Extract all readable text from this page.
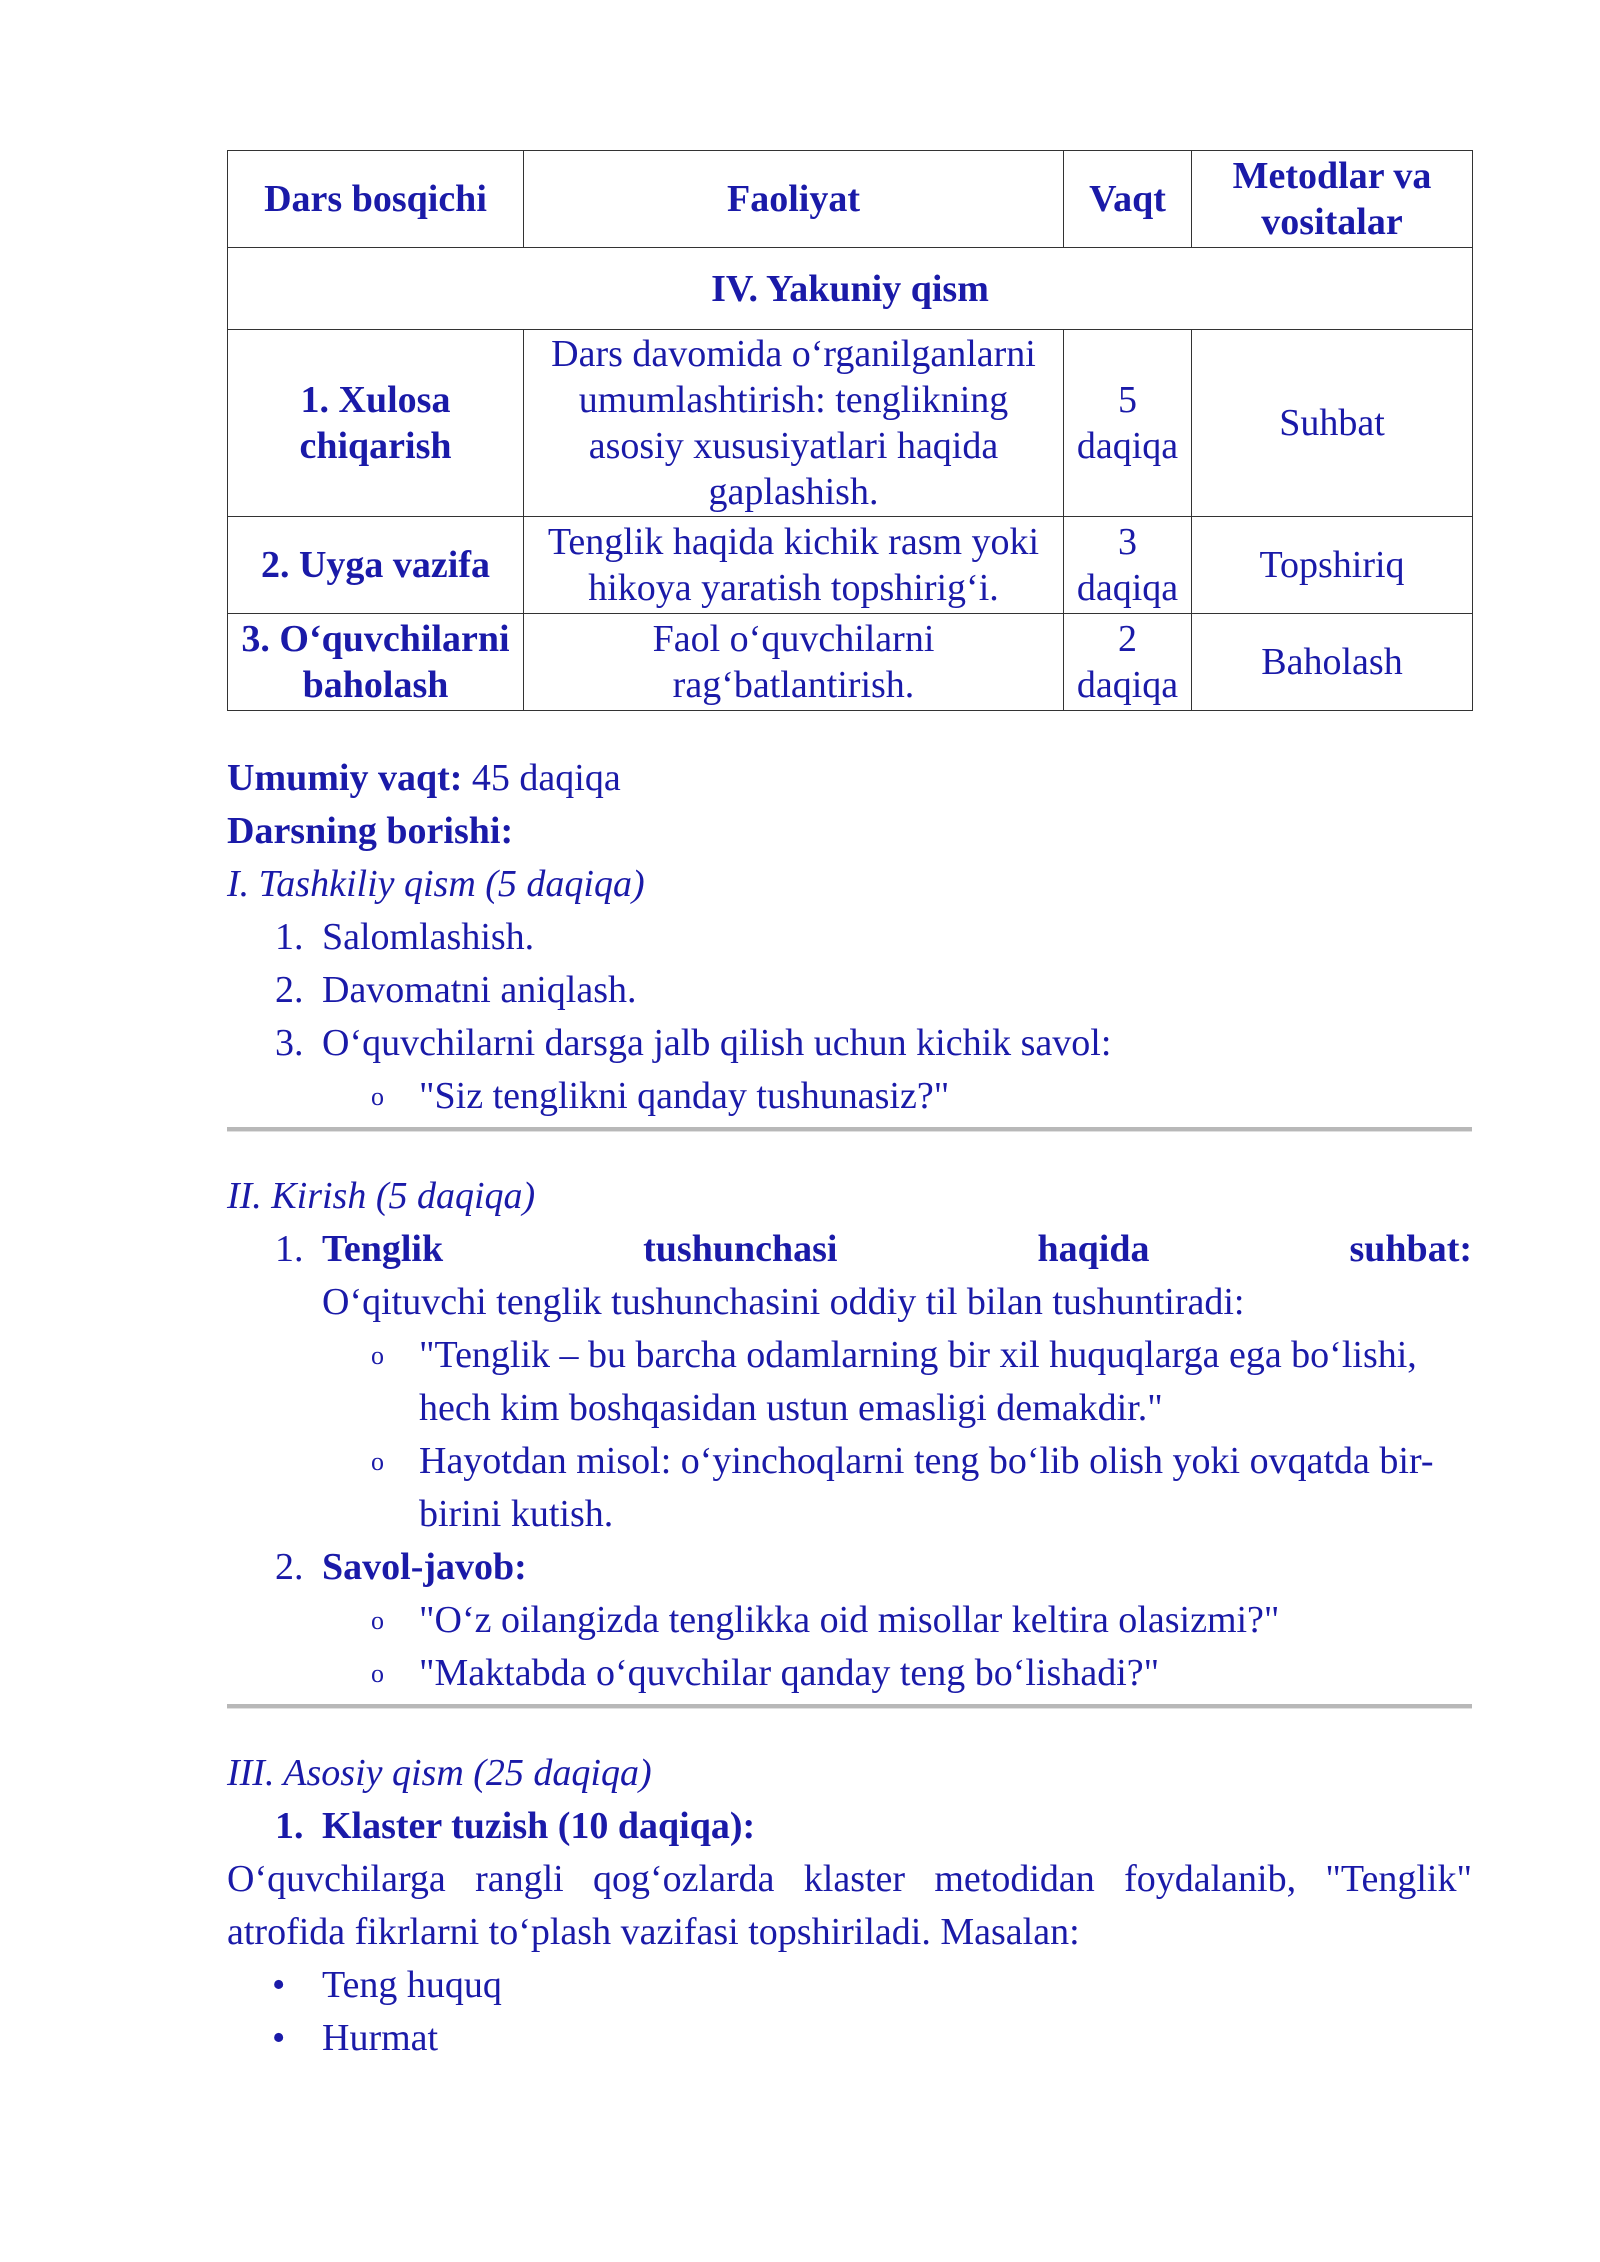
Dars bosqichi	Faoliyat	Vaqt	Metodlar va vositalar
IV. Yakuniy qism			
1. Xulosa chiqarish	Dars davomida o‘rganilganlarni umumlashtirish: tenglikning asosiy xususiyatlari haqida gaplashish.	5 daqiqa	Suhbat
2. Uyga vazifa	Tenglik haqida kichik rasm yoki hikoya yaratish topshirig‘i.	3 daqiqa	Topshiriq
3. O‘quvchilarni baholash	Faol o‘quvchilarni rag‘batlantirish.	2 daqiqa	Baholash
Umumiy vaqt: 45 daqiqa
Darsning borishi:
I. Tashkiliy qism (5 daqiqa)
1. Salomlashish.
2. Davomatni aniqlash.
3. O‘quvchilarni darsga jalb qilish uchun kichik savol:
o "Siz tenglikni qanday tushunasiz?"
II. Kirish (5 daqiqa)
1. Tenglik	tushunchasi	haqida	suhbat:
O‘qituvchi tenglik tushunchasini oddiy til bilan tushuntiradi:
o "Tenglik – bu barcha odamlarning bir xil huquqlarga ega bo‘lishi,
hech kim boshqasidan ustun emasligi demakdir."
o Hayotdan misol: o‘yinchoqlarni teng bo‘lib olish yoki ovqatda bir-
birini kutish.
2. Savol-javob:
o "O‘z oilangizda tenglikka oid misollar keltira olasizmi?"
o "Maktabda o‘quvchilar qanday teng bo‘lishadi?"
III. Asosiy qism (25 daqiqa)
1. Klaster tuzish (10 daqiqa):
O‘quvchilarga rangli qog‘ozlarda klaster metodidan foydalanib, "Tenglik"
atrofida fikrlarni to‘plash vazifasi topshiriladi. Masalan:
• Teng huquq
• Hurmat
